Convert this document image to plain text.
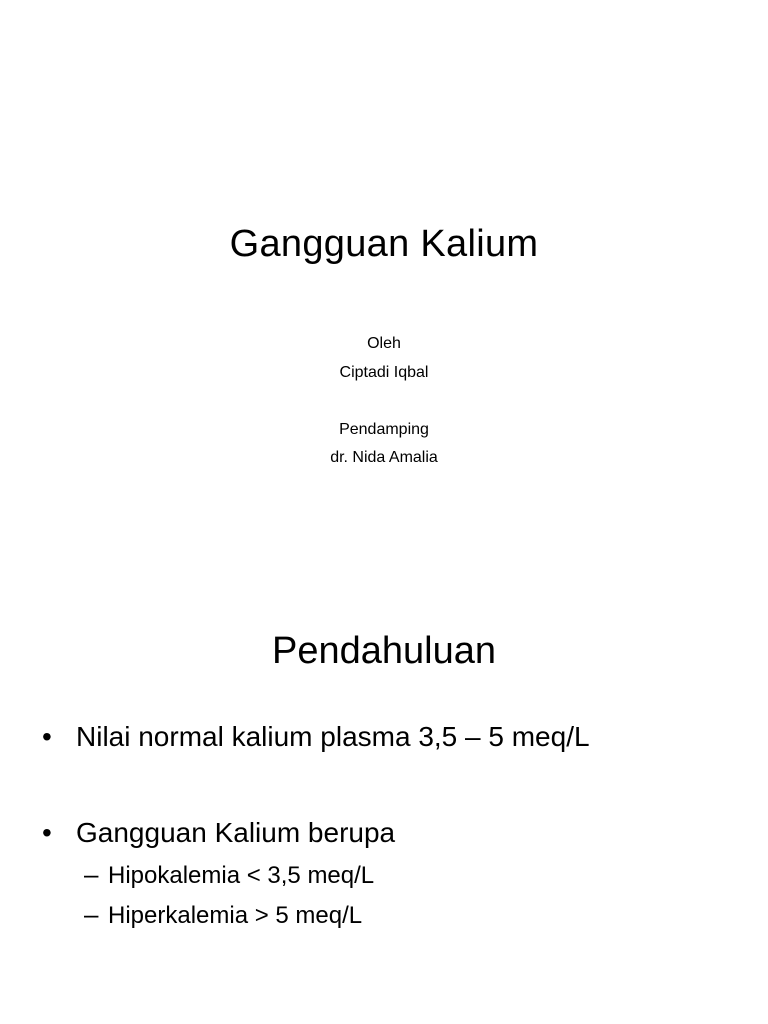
Gangguan Kalium
Oleh
Ciptadi Iqbal
Pendamping
dr. Nida Amalia
Pendahuluan
• Nilai normal kalium plasma 3,5 – 5 meq/L
• Gangguan Kalium berupa
– Hipokalemia < 3,5 meq/L
– Hiperkalemia > 5 meq/L
